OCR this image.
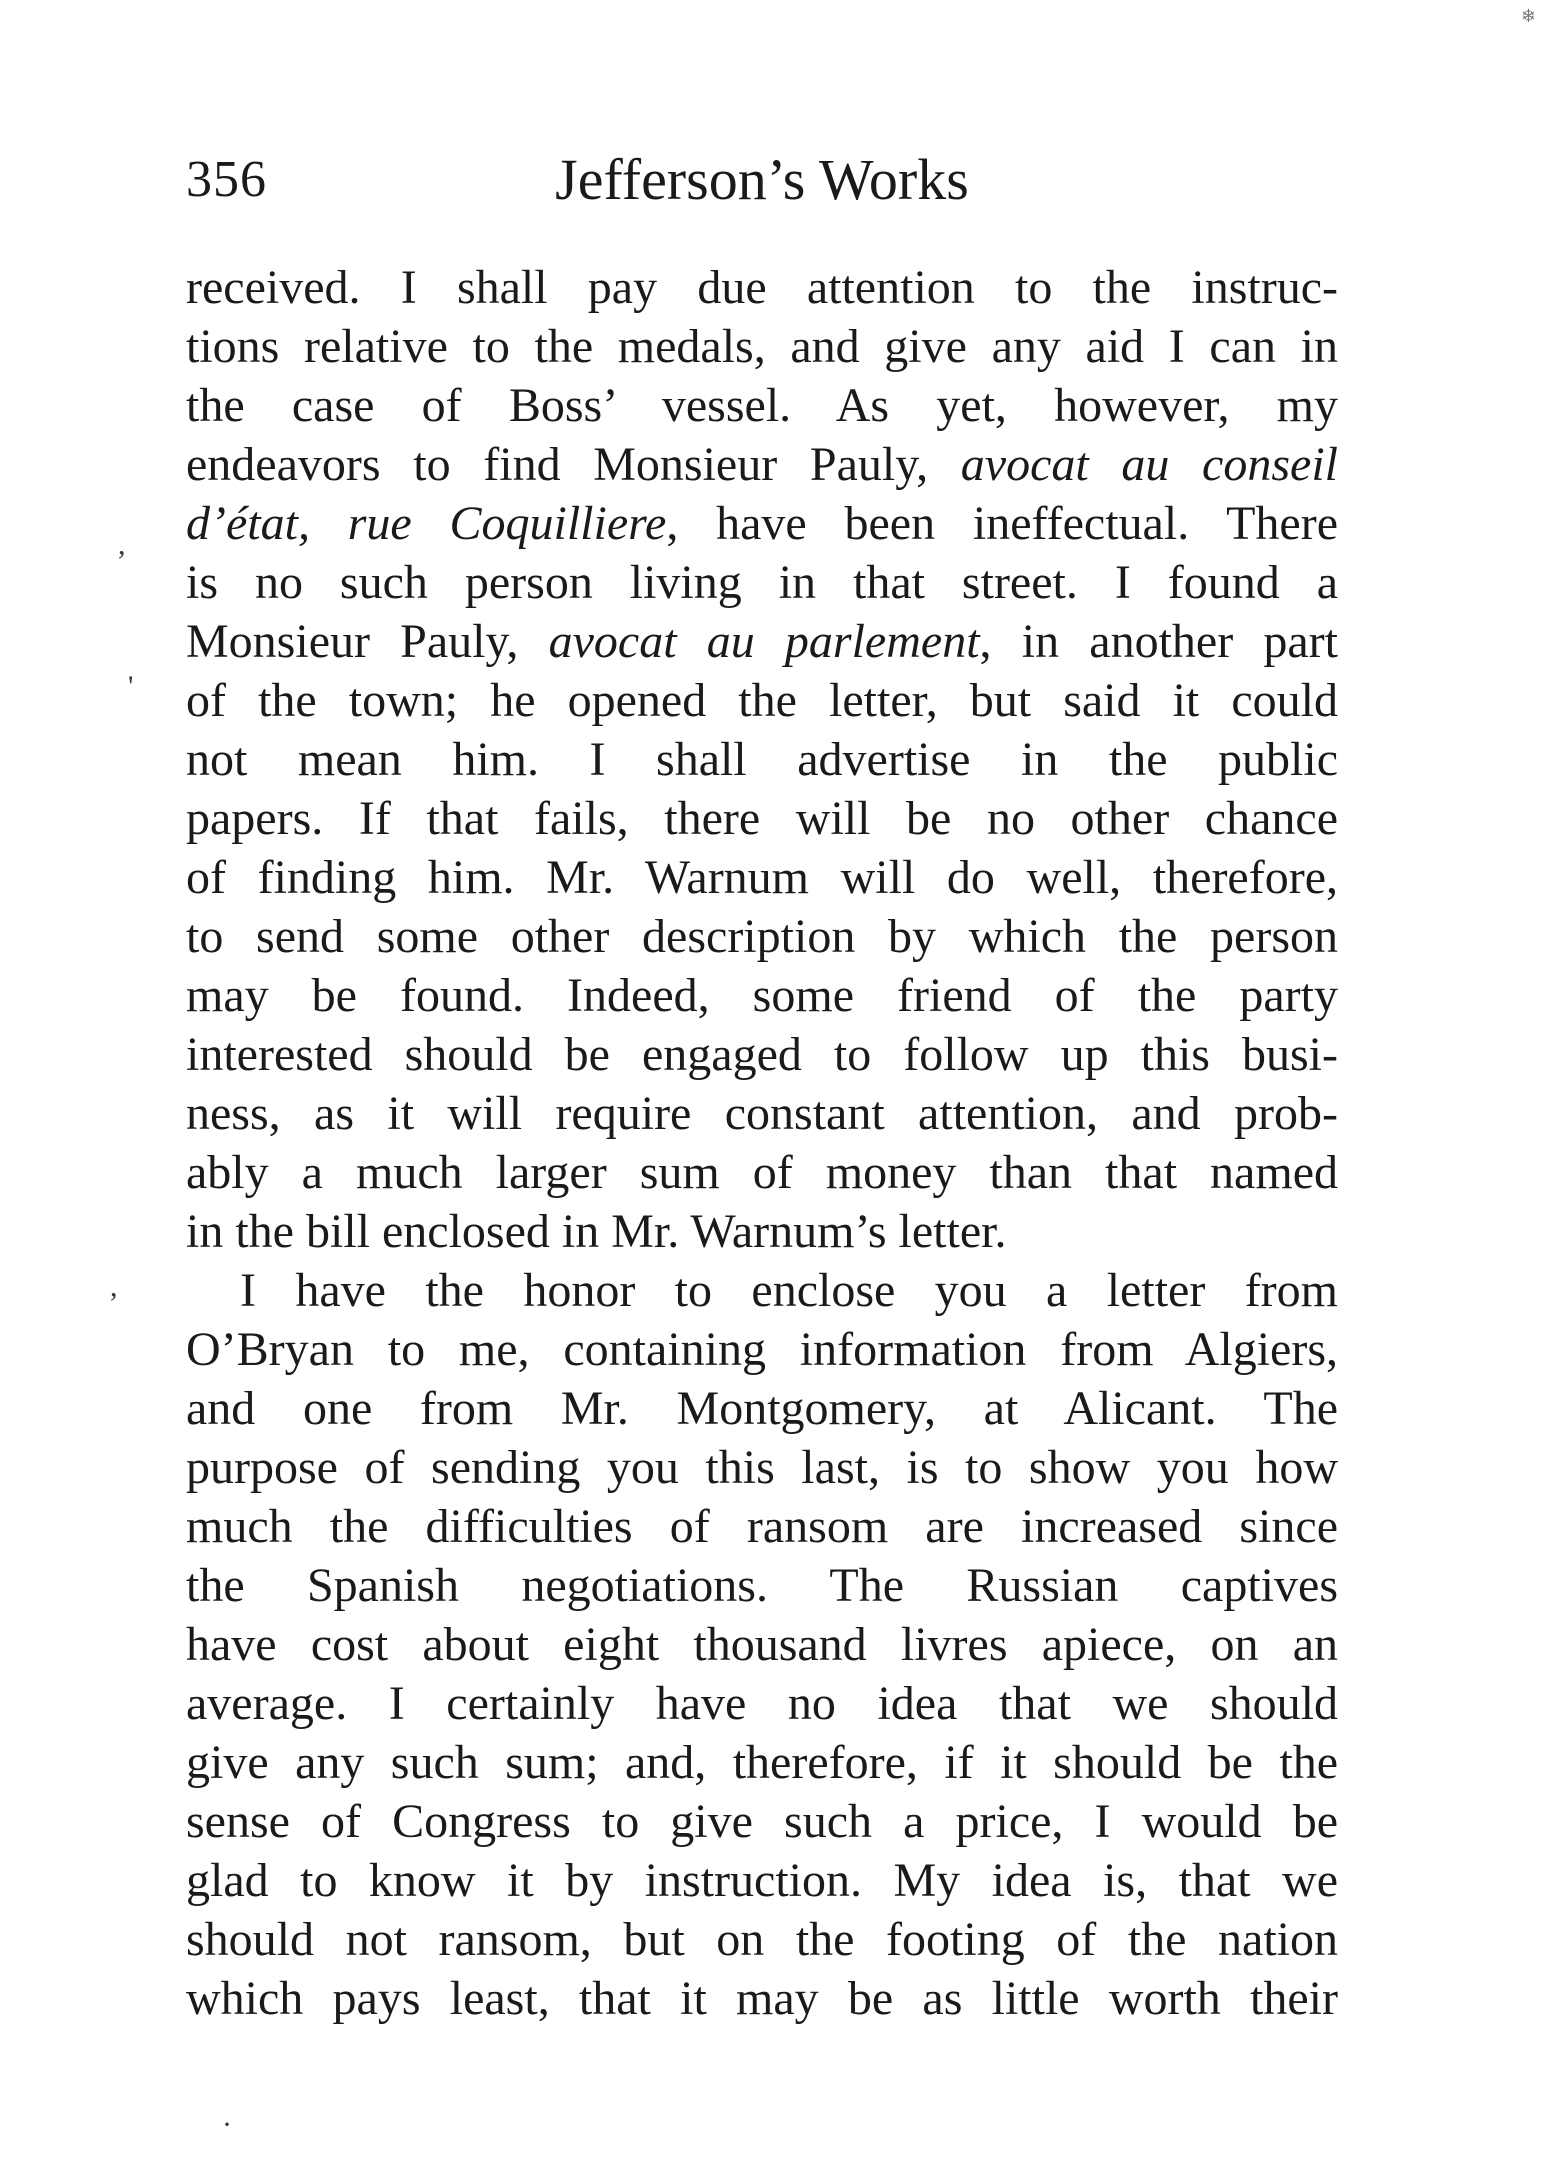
❄
356	Jefferson’s Works
,
'
,
·
received. I shall pay due attention to the instruc-
tions relative to the medals, and give any aid I can in
the case of Boss’ vessel. As yet, however, my
endeavors to find Monsieur Pauly, avocat au conseil
d’état, rue Coquilliere, have been ineffectual. There
is no such person living in that street. I found a
Monsieur Pauly, avocat au parlement, in another part
of the town; he opened the letter, but said it could
not mean him. I shall advertise in the public
papers. If that fails, there will be no other chance
of finding him. Mr. Warnum will do well, therefore,
to send some other description by which the person
may be found. Indeed, some friend of the party
interested should be engaged to follow up this busi-
ness, as it will require constant attention, and prob-
ably a much larger sum of money than that named
in the bill enclosed in Mr. Warnum’s letter.
I have the honor to enclose you a letter from
O’Bryan to me, containing information from Algiers,
and one from Mr. Montgomery, at Alicant. The
purpose of sending you this last, is to show you how
much the difficulties of ransom are increased since
the Spanish negotiations. The Russian captives
have cost about eight thousand livres apiece, on an
average. I certainly have no idea that we should
give any such sum; and, therefore, if it should be the
sense of Congress to give such a price, I would be
glad to know it by instruction. My idea is, that we
should not ransom, but on the footing of the nation
which pays least, that it may be as little worth their
